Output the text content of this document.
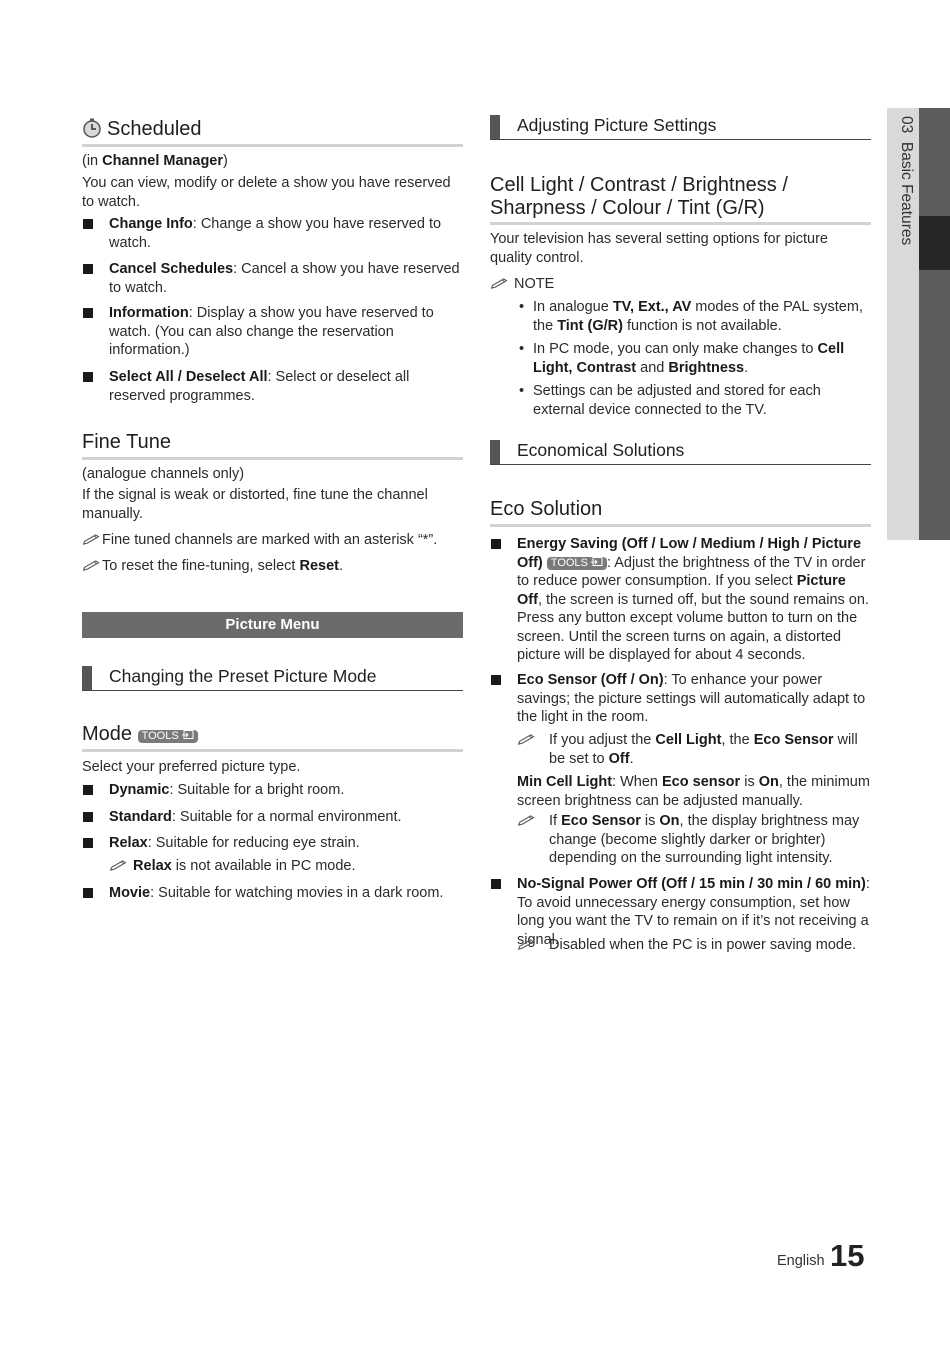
03  Basic Features
Scheduled
(in Channel Manager)
You can view, modify or delete a show you have reserved to watch.
Change Info: Change a show you have reserved to watch.
Cancel Schedules: Cancel a show you have reserved to watch.
Information: Display a show you have reserved to watch. (You can also change the reservation information.)
Select All / Deselect All: Select or deselect all reserved programmes.
Fine Tune
(analogue channels only)
If the signal is weak or distorted, fine tune the channel manually.
Fine tuned channels are marked with an asterisk “*”.
To reset the fine-tuning, select Reset.
Picture Menu
Changing the Preset Picture Mode
Mode TOOLS
Select your preferred picture type.
Dynamic: Suitable for a bright room.
Standard: Suitable for a normal environment.
Relax: Suitable for reducing eye strain.
Relax is not available in PC mode.
Movie: Suitable for watching movies in a dark room.
Adjusting Picture Settings
Cell Light / Contrast / Brightness / Sharpness / Colour / Tint (G/R)
Your television has several setting options for picture quality control.
NOTE
• In analogue TV, Ext., AV modes of the PAL system, the Tint (G/R) function is not available.
• In PC mode, you can only make changes to Cell Light, Contrast and Brightness.
• Settings can be adjusted and stored for each external device connected to the TV.
Economical Solutions
Eco Solution
Energy Saving (Off / Low / Medium / High / Picture Off) TOOLS : Adjust the brightness of the TV in order to reduce power consumption. If you select Picture Off, the screen is turned off, but the sound remains on. Press any button except volume button to turn on the screen. Until the screen turns on again, a distorted picture will be displayed for about 4 seconds.
Eco Sensor (Off / On): To enhance your power savings; the picture settings will automatically adapt to the light in the room.
If you adjust the Cell Light, the Eco Sensor will be set to Off.
Min Cell Light: When Eco sensor is On, the minimum screen brightness can be adjusted manually.
If Eco Sensor is On, the display brightness may change (become slightly darker or brighter) depending on the surrounding light intensity.
No-Signal Power Off (Off / 15 min / 30 min / 60 min): To avoid unnecessary energy consumption, set how long you want the TV to remain on if it’s not receiving a signal.
Disabled when the PC is in power saving mode.
English 15
